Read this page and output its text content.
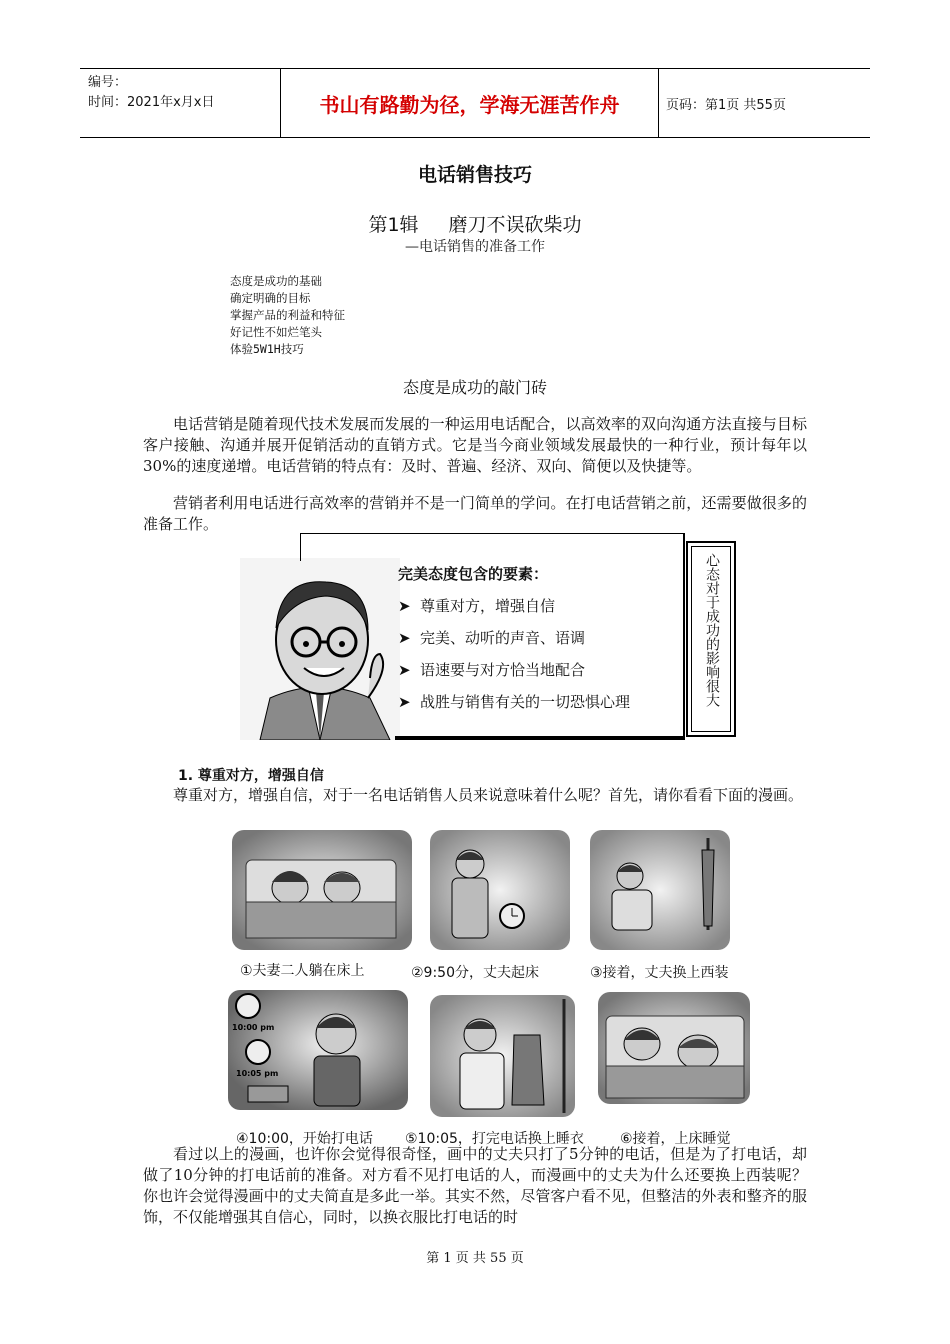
编号：
时间：2021年x月x日	书山有路勤为径，学海无涯苦作舟	页码：第1页 共55页
电话销售技巧
第1辑 磨刀不误砍柴功
—电话销售的准备工作
态度是成功的基础
确定明确的目标
掌握产品的利益和特征
好记性不如烂笔头
体验5W1H技巧
态度是成功的敲门砖
电话营销是随着现代技术发展而发展的一种运用电话配合，以高效率的双向沟通方法直接与目标客户接触、沟通并展开促销活动的直销方式。它是当今商业领域发展最快的一种行业，预计每年以30%的速度递增。电话营销的特点有：及时、普遍、经济、双向、简便以及快捷等。
营销者利用电话进行高效率的营销并不是一门简单的学问。在打电话营销之前，还需要做很多的准备工作。
心态对于成功的影响很大
完美态度包含的要素：
➤ 尊重对方，增强自信
➤ 完美、动听的声音、语调
➤ 语速要与对方恰当地配合
➤ 战胜与销售有关的一切恐惧心理
1. 尊重对方，增强自信
尊重对方，增强自信，对于一名电话销售人员来说意味着什么呢？首先，请你看看下面的漫画。
①夫妻二人躺在床上	②9:50分，丈夫起床	③接着，丈夫换上西装
10:00 pm
10:05 pm
④10:00，开始打电话 ⑤10:05，打完电话换上睡衣	⑥接着，上床睡觉
看过以上的漫画，也许你会觉得很奇怪，画中的丈夫只打了5分钟的电话，但是为了打电话，却做了10分钟的打电话前的准备。对方看不见打电话的人，而漫画中的丈夫为什么还要换上西装呢？你也许会觉得漫画中的丈夫简直是多此一举。其实不然，尽管客户看不见，但整洁的外表和整齐的服饰，不仅能增强其自信心，同时，以换衣服比打电话的时
第 1 页 共 55 页
